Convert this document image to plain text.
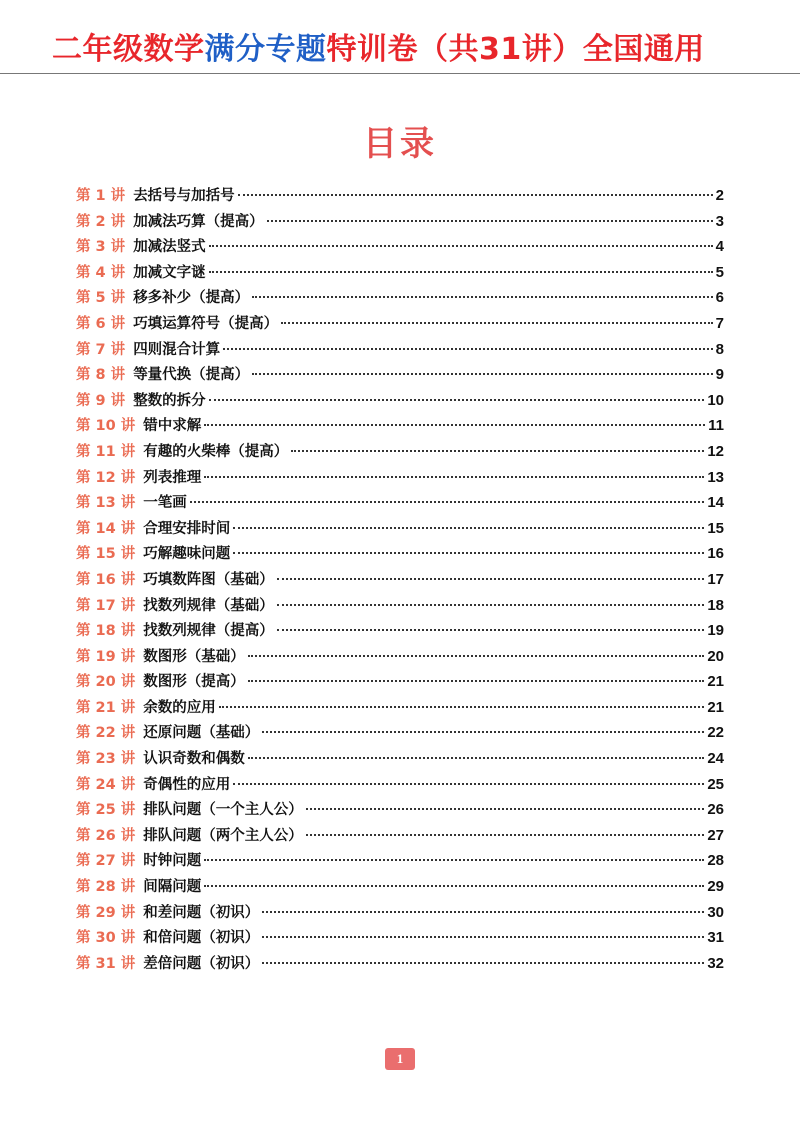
二年级数学满分专题特训卷（共31讲）全国通用
目录
第 1 讲 去括号与加括号	2
第 2 讲 加减法巧算（提高）	3
第 3 讲 加减法竖式	4
第 4 讲 加减文字谜	5
第 5 讲 移多补少（提高）	6
第 6 讲 巧填运算符号（提高）	7
第 7 讲 四则混合计算	8
第 8 讲 等量代换（提高）	9
第 9 讲 整数的拆分	10
第 10 讲 错中求解	11
第 11 讲 有趣的火柴棒（提高）	12
第 12 讲 列表推理	13
第 13 讲 一笔画	14
第 14 讲 合理安排时间	15
第 15 讲 巧解趣味问题	16
第 16 讲 巧填数阵图（基础）	17
第 17 讲 找数列规律（基础）	18
第 18 讲 找数列规律（提高）	19
第 19 讲 数图形（基础）	20
第 20 讲 数图形（提高）	21
第 21 讲 余数的应用	21
第 22 讲 还原问题（基础）	22
第 23 讲 认识奇数和偶数	24
第 24 讲 奇偶性的应用	25
第 25 讲 排队问题（一个主人公）	26
第 26 讲 排队问题（两个主人公）	27
第 27 讲 时钟问题	28
第 28 讲 间隔问题	29
第 29 讲 和差问题（初识）	30
第 30 讲 和倍问题（初识）	31
第 31 讲 差倍问题（初识）	32
1
